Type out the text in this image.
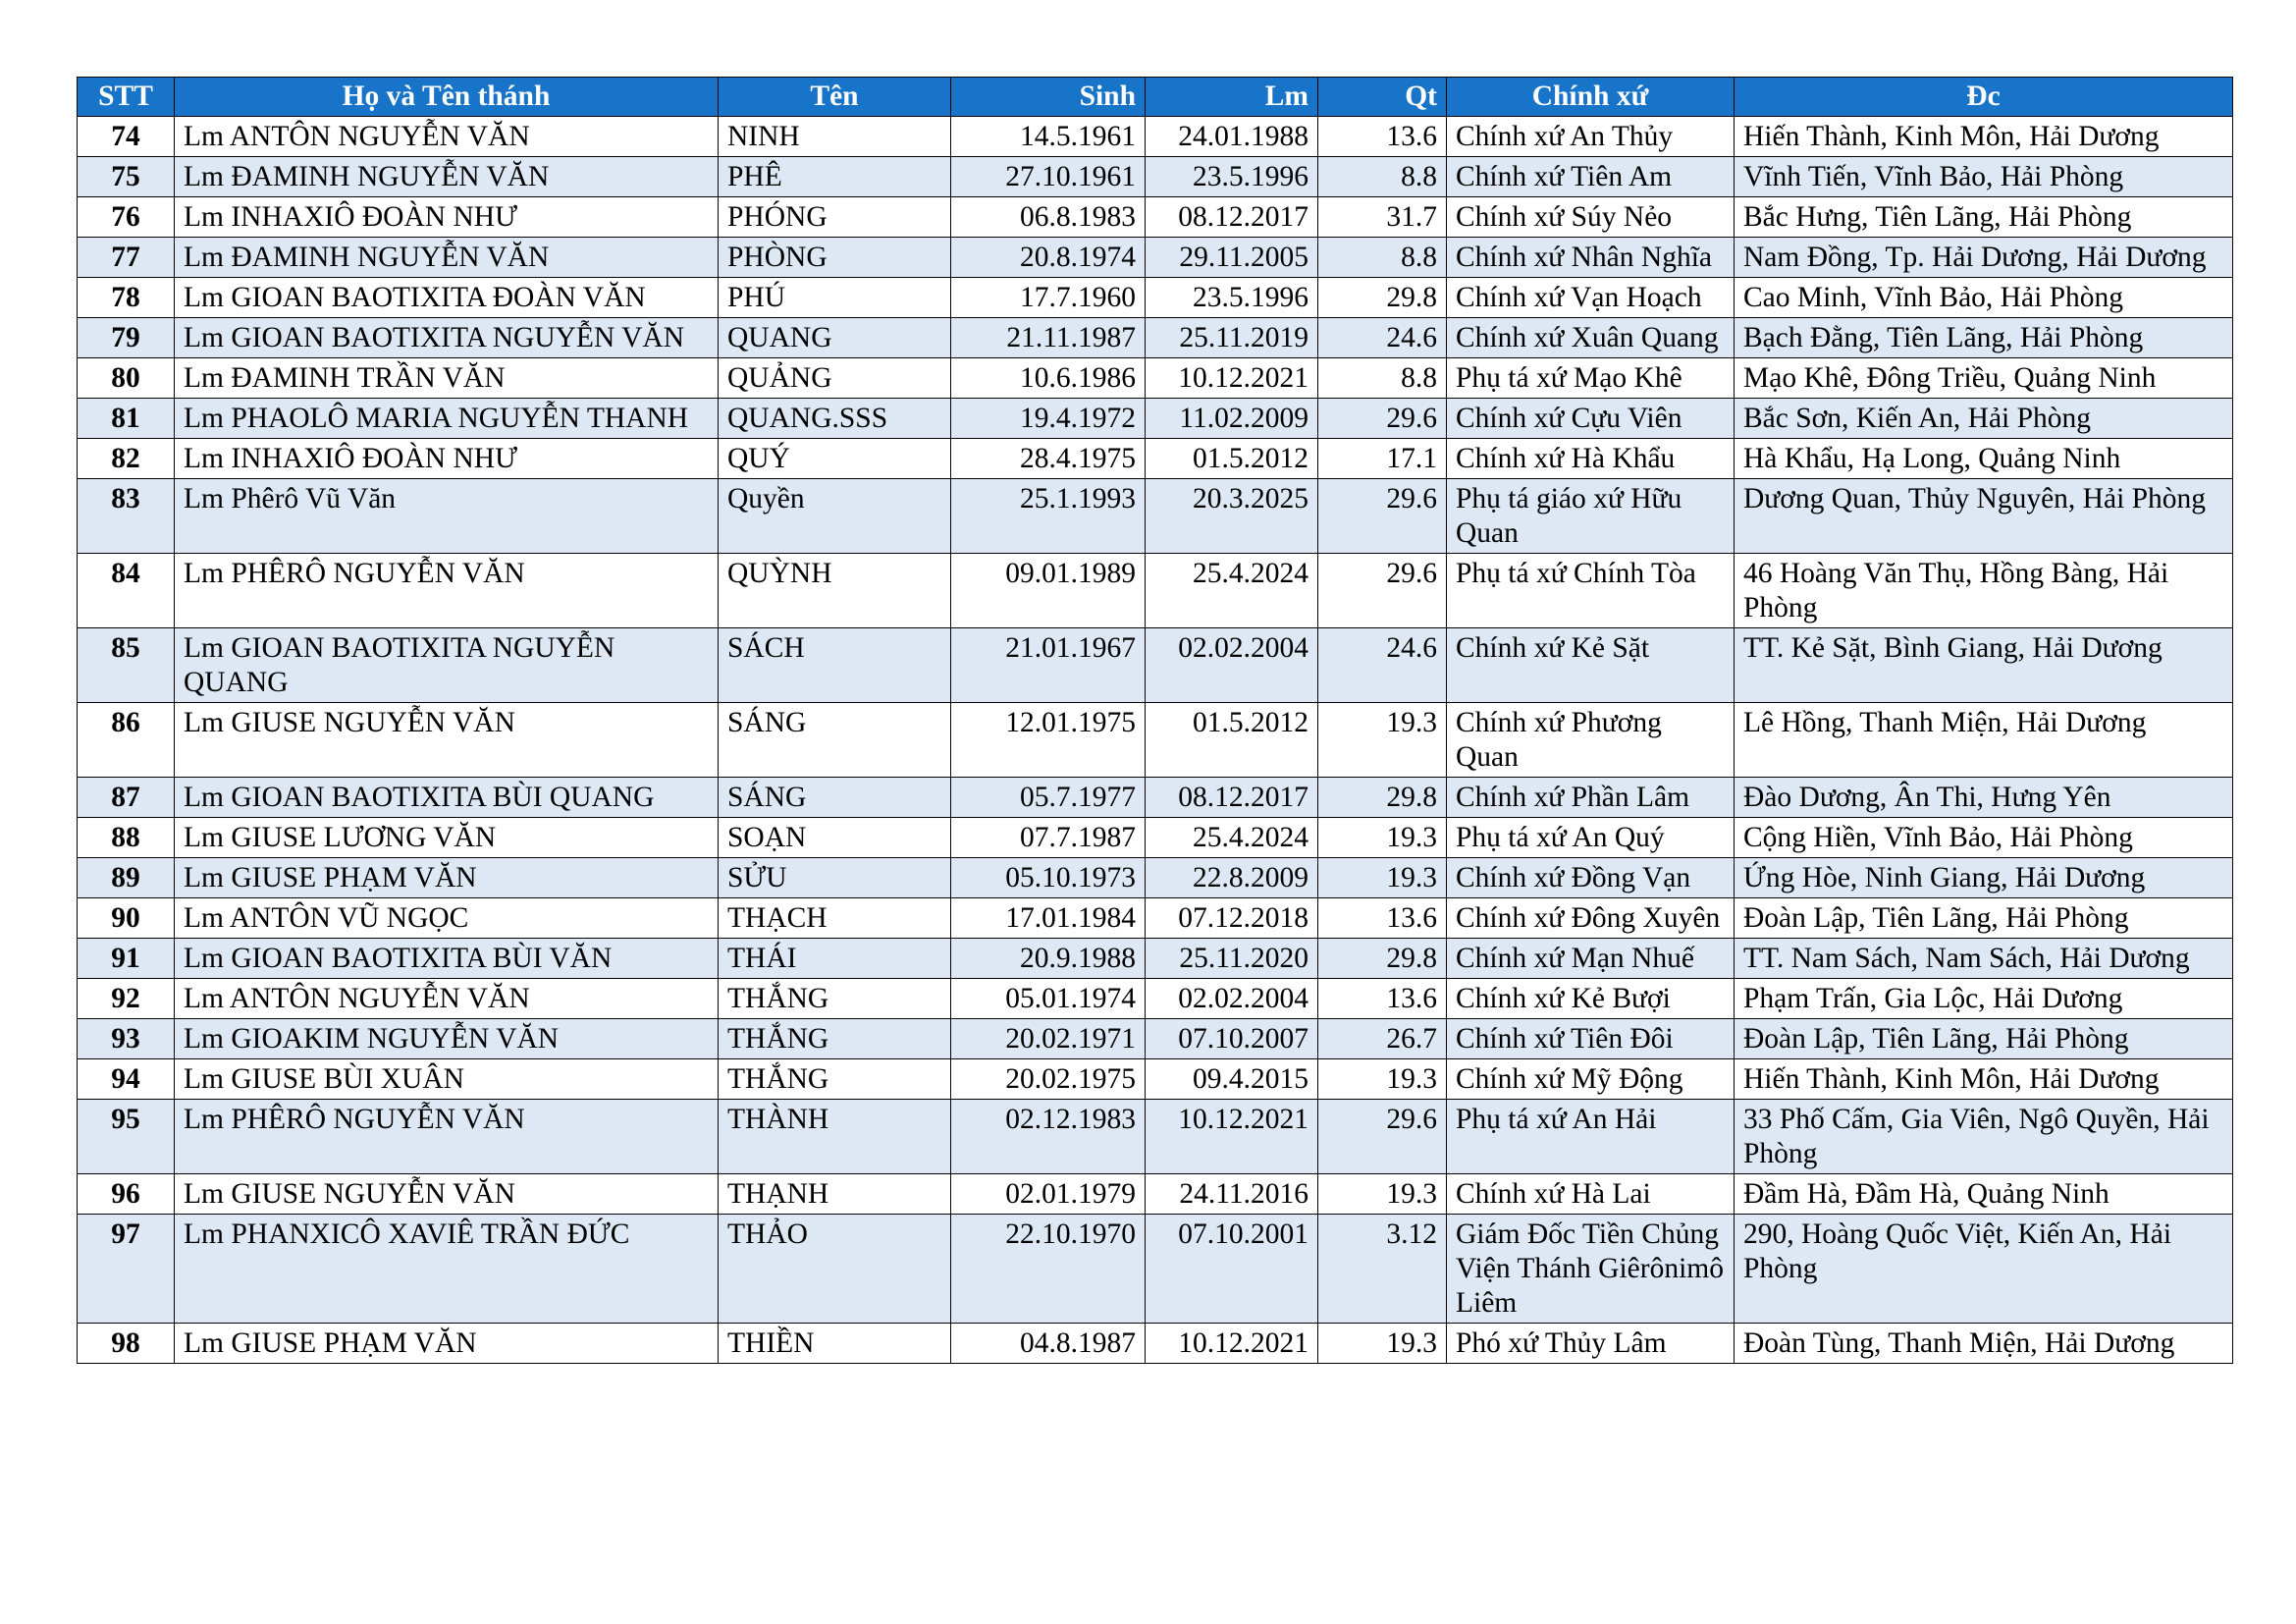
STT	Họ và Tên thánh	Tên	Sinh	Lm	Qt	Chính xứ	Đc
74	Lm ANTÔN NGUYỄN VĂN	NINH	14.5.1961	24.01.1988	13.6	Chính xứ An Thủy	Hiến Thành, Kinh Môn, Hải Dương
75	Lm ĐAMINH NGUYỄN VĂN	PHÊ	27.10.1961	23.5.1996	8.8	Chính xứ Tiên Am	Vĩnh Tiến, Vĩnh Bảo, Hải Phòng
76	Lm INHAXIÔ ĐOÀN NHƯ	PHÓNG	06.8.1983	08.12.2017	31.7	Chính xứ Súy Nẻo	Bắc Hưng, Tiên Lãng, Hải Phòng
77	Lm ĐAMINH NGUYỄN VĂN	PHÒNG	20.8.1974	29.11.2005	8.8	Chính xứ Nhân Nghĩa	Nam Đồng, Tp. Hải Dương, Hải Dương
78	Lm GIOAN BAOTIXITA ĐOÀN VĂN	PHÚ	17.7.1960	23.5.1996	29.8	Chính xứ Vạn Hoạch	Cao Minh, Vĩnh Bảo, Hải Phòng
79	Lm GIOAN BAOTIXITA NGUYỄN VĂN	QUANG	21.11.1987	25.11.2019	24.6	Chính xứ Xuân Quang	Bạch Đằng, Tiên Lãng, Hải Phòng
80	Lm ĐAMINH TRẦN VĂN	QUẢNG	10.6.1986	10.12.2021	8.8	Phụ tá xứ Mạo Khê	Mạo Khê, Đông Triều, Quảng Ninh
81	Lm PHAOLÔ MARIA NGUYỄN THANH	QUANG.SSS	19.4.1972	11.02.2009	29.6	Chính xứ Cựu Viên	Bắc Sơn, Kiến An, Hải Phòng
82	Lm INHAXIÔ ĐOÀN NHƯ	QUÝ	28.4.1975	01.5.2012	17.1	Chính xứ Hà Khẩu	Hà Khẩu, Hạ Long, Quảng Ninh
83	Lm Phêrô Vũ Văn	Quyền	25.1.1993	20.3.2025	29.6	Phụ tá giáo xứ Hữu Quan	Dương Quan, Thủy Nguyên, Hải Phòng
84	Lm PHÊRÔ NGUYỄN VĂN	QUỲNH	09.01.1989	25.4.2024	29.6	Phụ tá xứ Chính Tòa	46 Hoàng Văn Thụ, Hồng Bàng, Hải Phòng
85	Lm GIOAN BAOTIXITA NGUYỄN QUANG	SÁCH	21.01.1967	02.02.2004	24.6	Chính xứ Kẻ Sặt	TT. Kẻ Sặt, Bình Giang, Hải Dương
86	Lm GIUSE NGUYỄN VĂN	SÁNG	12.01.1975	01.5.2012	19.3	Chính xứ Phương Quan	Lê Hồng, Thanh Miện, Hải Dương
87	Lm GIOAN BAOTIXITA BÙI QUANG	SÁNG	05.7.1977	08.12.2017	29.8	Chính xứ Phần Lâm	Đào Dương, Ân Thi, Hưng Yên
88	Lm GIUSE LƯƠNG VĂN	SOẠN	07.7.1987	25.4.2024	19.3	Phụ tá xứ An Quý	Cộng Hiền, Vĩnh Bảo, Hải Phòng
89	Lm GIUSE PHẠM VĂN	SỬU	05.10.1973	22.8.2009	19.3	Chính xứ Đồng Vạn	Ứng Hòe, Ninh Giang, Hải Dương
90	Lm ANTÔN VŨ NGỌC	THẠCH	17.01.1984	07.12.2018	13.6	Chính xứ Đông Xuyên	Đoàn Lập, Tiên Lãng, Hải Phòng
91	Lm GIOAN BAOTIXITA BÙI VĂN	THÁI	20.9.1988	25.11.2020	29.8	Chính xứ Mạn Nhuế	TT. Nam Sách, Nam Sách, Hải Dương
92	Lm ANTÔN NGUYỄN VĂN	THẮNG	05.01.1974	02.02.2004	13.6	Chính xứ Kẻ Bượi	Phạm Trấn, Gia Lộc, Hải Dương
93	Lm GIOAKIM NGUYỄN VĂN	THẮNG	20.02.1971	07.10.2007	26.7	Chính xứ Tiên Đôi	Đoàn Lập, Tiên Lãng, Hải Phòng
94	Lm GIUSE BÙI XUÂN	THẮNG	20.02.1975	09.4.2015	19.3	Chính xứ Mỹ Động	Hiến Thành, Kinh Môn, Hải Dương
95	Lm PHÊRÔ NGUYỄN VĂN	THÀNH	02.12.1983	10.12.2021	29.6	Phụ tá xứ An Hải	33 Phố Cấm, Gia Viên, Ngô Quyền, Hải Phòng
96	Lm GIUSE NGUYỄN VĂN	THẠNH	02.01.1979	24.11.2016	19.3	Chính xứ Hà Lai	Đầm Hà, Đầm Hà, Quảng Ninh
97	Lm PHANXICÔ XAVIÊ TRẦN ĐỨC	THẢO	22.10.1970	07.10.2001	3.12	Giám Đốc Tiền Chủng Viện Thánh Giêrônimô Liêm	290, Hoàng Quốc Việt, Kiến An, Hải Phòng
98	Lm GIUSE PHẠM VĂN	THIỀN	04.8.1987	10.12.2021	19.3	Phó xứ Thủy Lâm	Đoàn Tùng, Thanh Miện, Hải Dương
